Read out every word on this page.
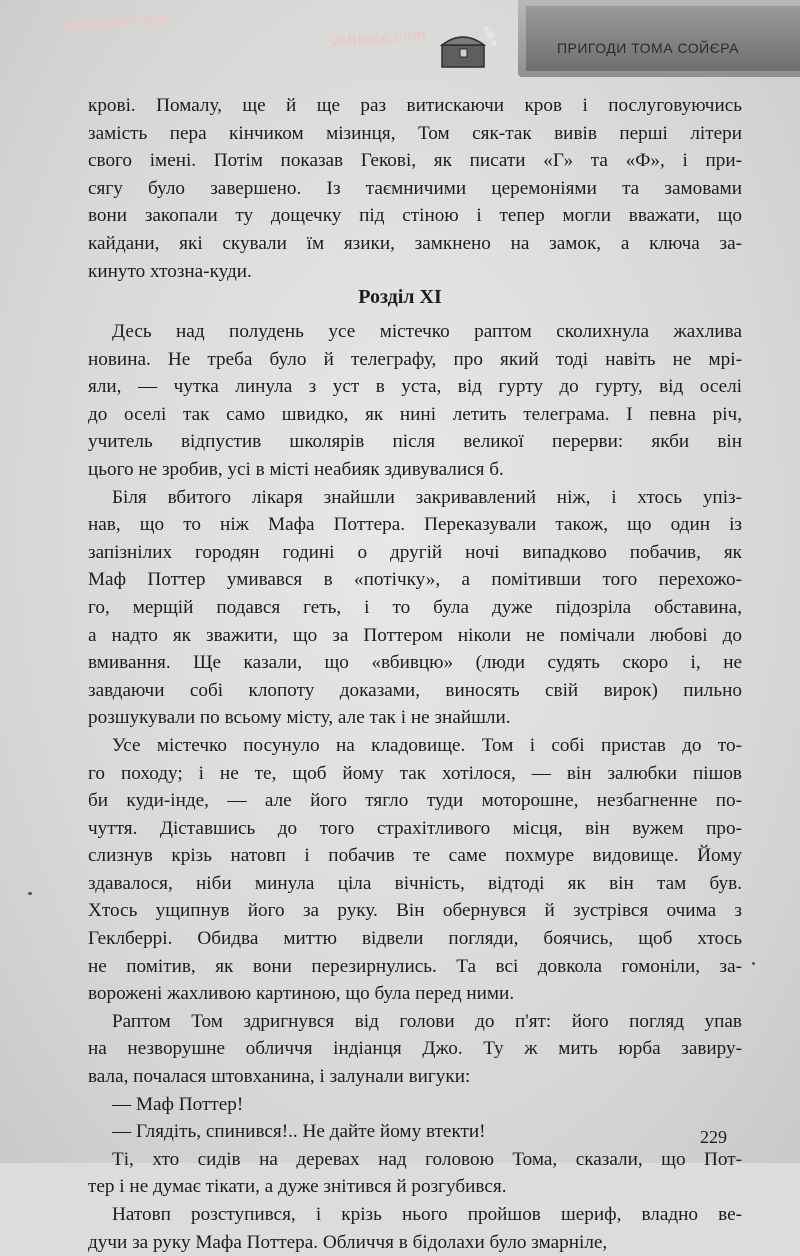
vshkole.com
vshkole.com	ПРИГОДИ ТОМА СОЙЄРА
крові. Помалу, ще й ще раз витискаючи кров і послуговуючись
замість пера кінчиком мізинця, Том сяк-так вивів перші літери
свого імені. Потім показав Гекові, як писати «Г» та «Ф», і при-
сягу було завершено. Із таємничими церемоніями та замовами
вони закопали ту дощечку під стіною і тепер могли вважати, що
кайдани, які скували їм язики, замкнено на замок, а ключа за-
кинуто хтозна-куди.
Розділ XI
Десь над полудень усе містечко раптом сколихнула жахлива
новина. Не треба було й телеграфу, про який тоді навіть не мрі-
яли, — чутка линула з уст в уста, від гурту до гурту, від оселі
до оселі так само швидко, як нині летить телеграма. І певна річ,
учитель відпустив школярів після великої перерви: якби він
цього не зробив, усі в місті неабияк здивувалися б.
Біля вбитого лікаря знайшли закривавлений ніж, і хтось упіз-
нав, що то ніж Мафа Поттера. Переказували також, що один із
запізнілих городян годині о другій ночі випадково побачив, як
Маф Поттер умивався в «потічку», а помітивши того перехожо-
го, мерщій подався геть, і то була дуже підозріла обставина,
а надто як зважити, що за Поттером ніколи не помічали любові до
вмивання. Ще казали, що «вбивцю» (люди судять скоро і, не
завдаючи собі клопоту доказами, виносять свій вирок) пильно
розшукували по всьому місту, але так і не знайшли.
Усе містечко посунуло на кладовище. Том і собі пристав до то-
го походу; і не те, щоб йому так хотілося, — він залюбки пішов
би куди-інде, — але його тягло туди моторошне, незбагненне по-
чуття. Діставшись до того страхітливого місця, він вужем про-
слизнув крізь натовп і побачив те саме похмуре видовище. Йому
здавалося, ніби минула ціла вічність, відтоді як він там був.
Хтось ущипнув його за руку. Він обернувся й зустрівся очима з
Геклберрі. Обидва миттю відвели погляди, боячись, щоб хтось
не помітив, як вони перезирнулись. Та всі довкола гомоніли, за-
ворожені жахливою картиною, що була перед ними.
Раптом Том здригнувся від голови до п'ят: його погляд упав
на незворушне обличчя індіанця Джо. Ту ж мить юрба завиру-
вала, почалася штовханина, і залунали вигуки:
— Маф Поттер!
— Глядіть, спинився!.. Не дайте йому втекти!
Ті, хто сидів на деревах над головою Тома, сказали, що Пот-
тер і не думає тікати, а дуже знітився й розгубився.
Натовп розступився, і крізь нього пройшов шериф, владно ве-
дучи за руку Мафа Поттера. Обличчя в бідолахи було змарніле,
229
